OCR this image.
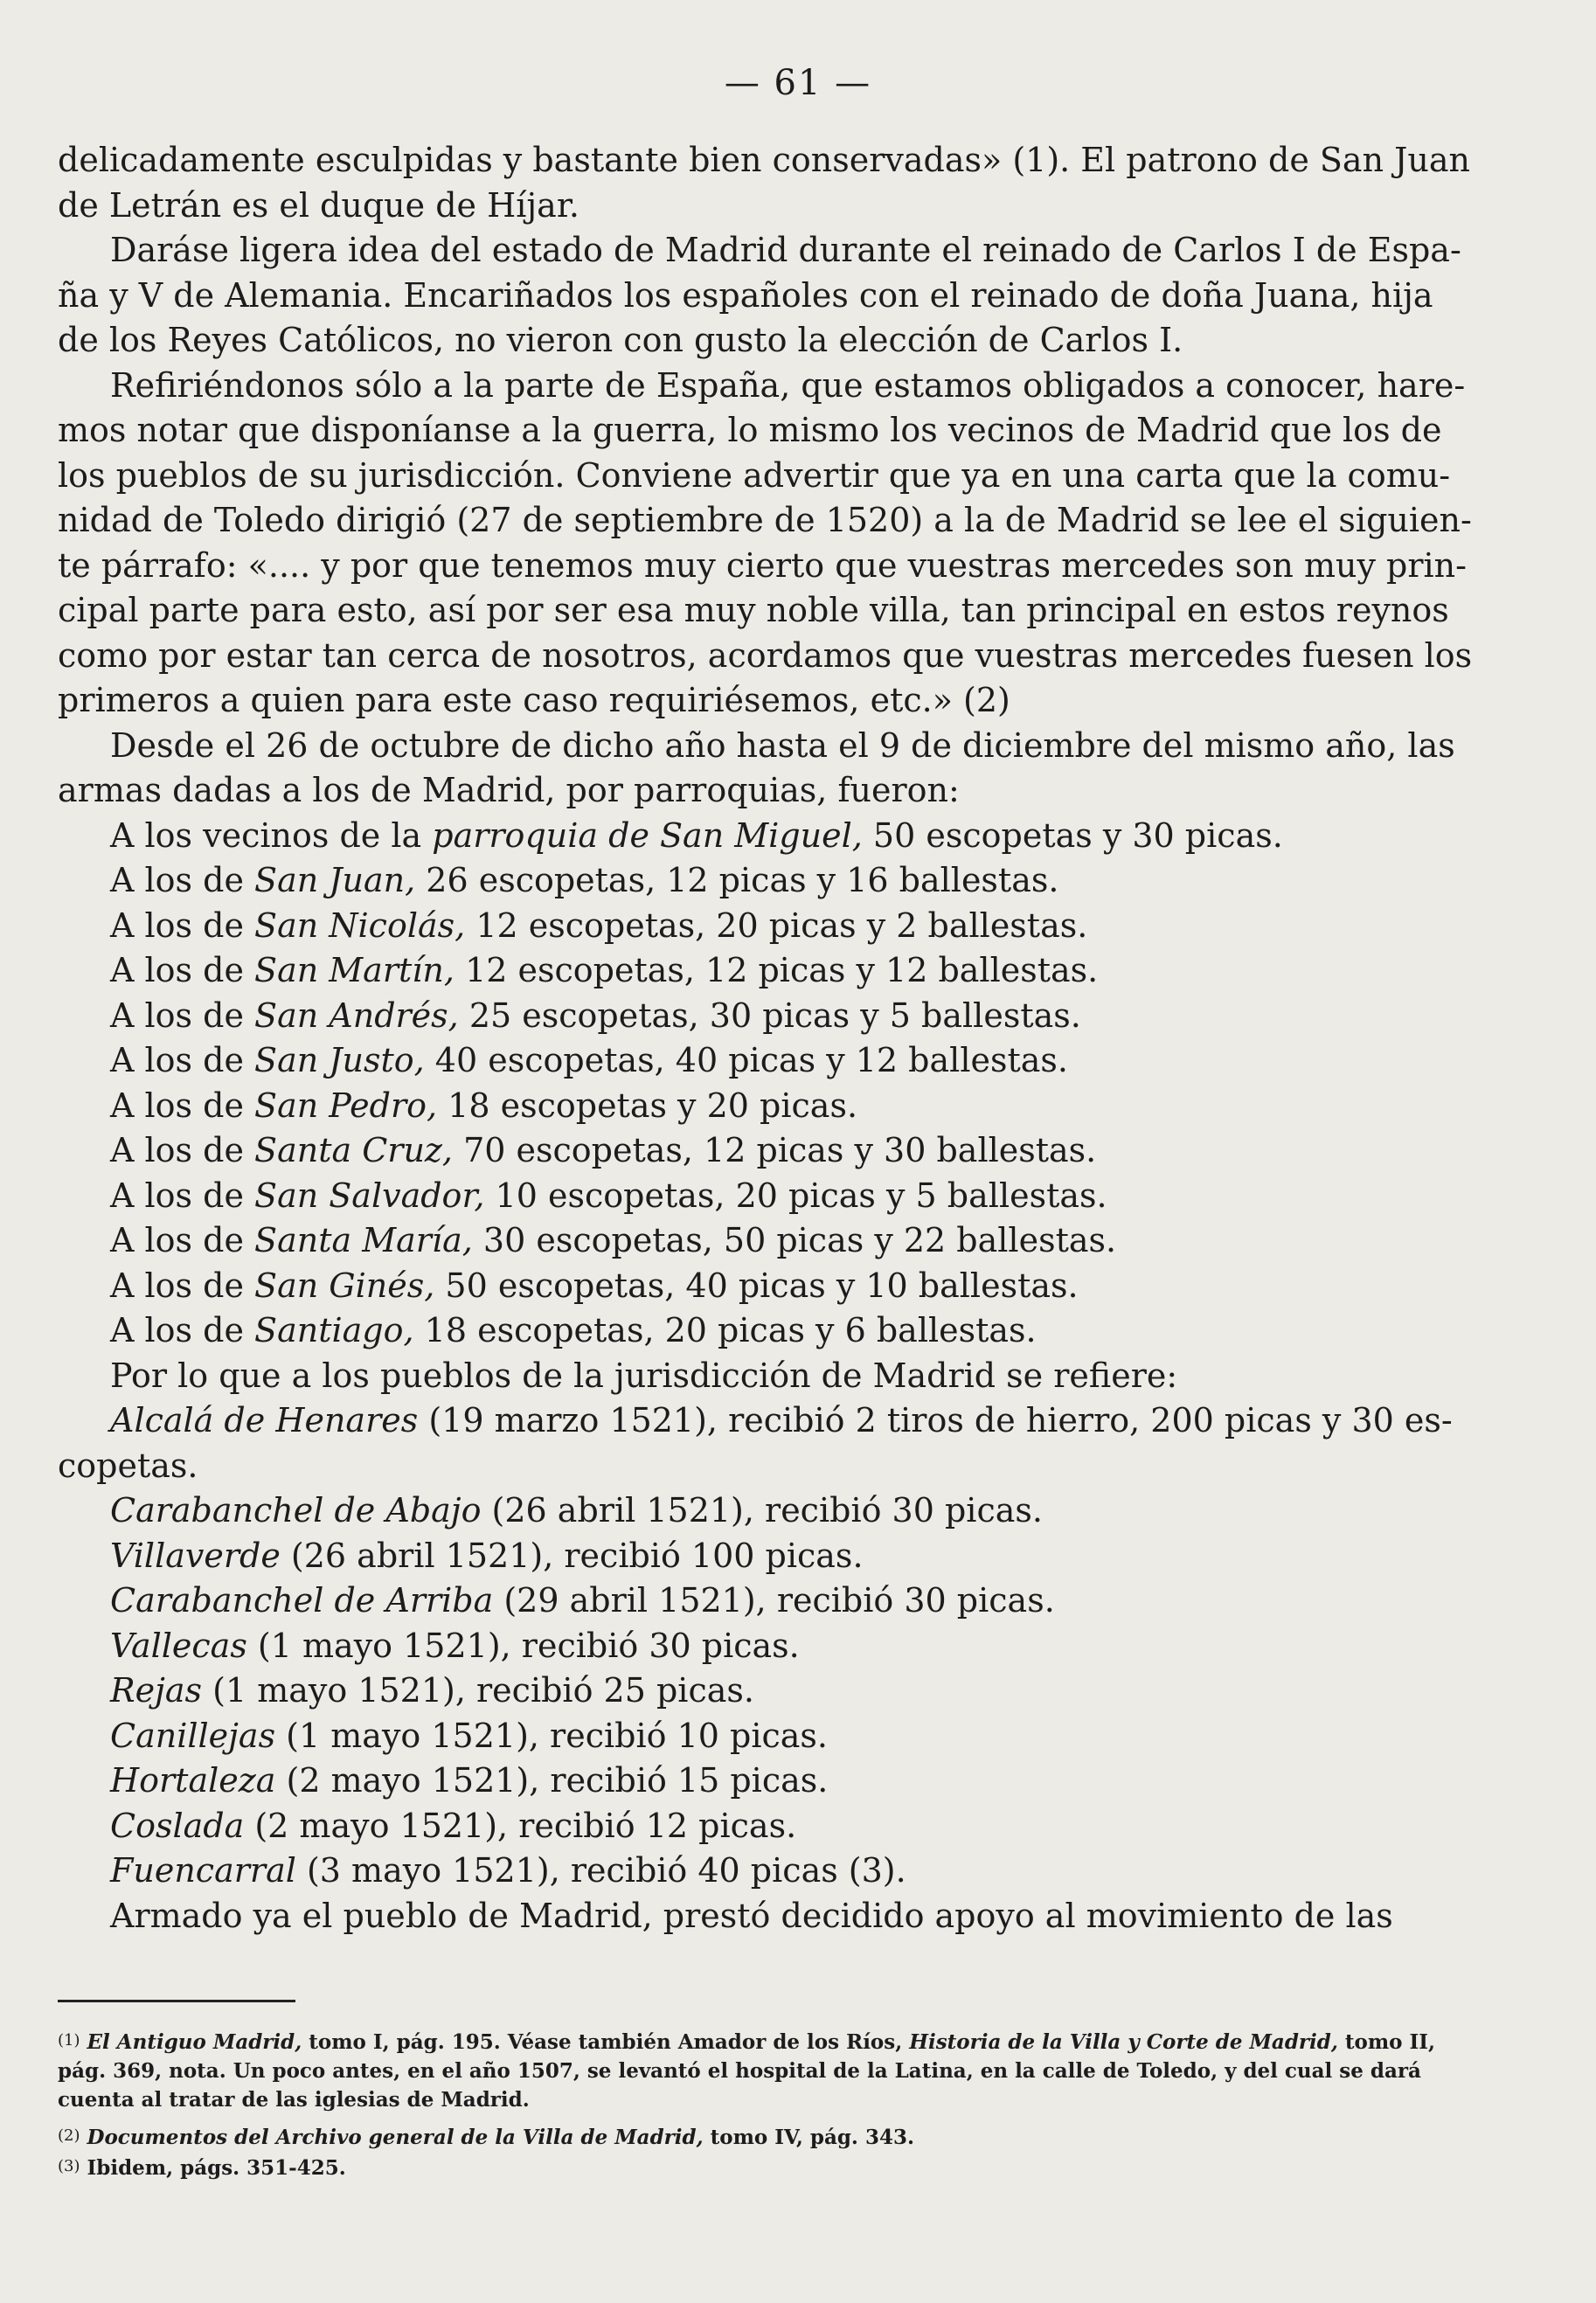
— 61 —
delicadamente esculpidas y bastante bien conservadas» (1). El patrono de San Juan
de Letrán es el duque de Híjar.
Daráse ligera idea del estado de Madrid durante el reinado de Carlos I de Espa-
ña y V de Alemania. Encariñados los españoles con el reinado de doña Juana, hija
de los Reyes Católicos, no vieron con gusto la elección de Carlos I.
Refiriéndonos sólo a la parte de España, que estamos obligados a conocer, hare-
mos notar que disponíanse a la guerra, lo mismo los vecinos de Madrid que los de
los pueblos de su jurisdicción. Conviene advertir que ya en una carta que la comu-
nidad de Toledo dirigió (27 de septiembre de 1520) a la de Madrid se lee el siguien-
te párrafo: «.... y por que tenemos muy cierto que vuestras mercedes son muy prin-
cipal parte para esto, así por ser esa muy noble villa, tan principal en estos reynos
como por estar tan cerca de nosotros, acordamos que vuestras mercedes fuesen los
primeros a quien para este caso requiriésemos, etc.» (2)
Desde el 26 de octubre de dicho año hasta el 9 de diciembre del mismo año, las
armas dadas a los de Madrid, por parroquias, fueron:
A los vecinos de la parroquia de San Miguel, 50 escopetas y 30 picas.
A los de San Juan, 26 escopetas, 12 picas y 16 ballestas.
A los de San Nicolás, 12 escopetas, 20 picas y 2 ballestas.
A los de San Martín, 12 escopetas, 12 picas y 12 ballestas.
A los de San Andrés, 25 escopetas, 30 picas y 5 ballestas.
A los de San Justo, 40 escopetas, 40 picas y 12 ballestas.
A los de San Pedro, 18 escopetas y 20 picas.
A los de Santa Cruz, 70 escopetas, 12 picas y 30 ballestas.
A los de San Salvador, 10 escopetas, 20 picas y 5 ballestas.
A los de Santa María, 30 escopetas, 50 picas y 22 ballestas.
A los de San Ginés, 50 escopetas, 40 picas y 10 ballestas.
A los de Santiago, 18 escopetas, 20 picas y 6 ballestas.
Por lo que a los pueblos de la jurisdicción de Madrid se refiere:
Alcalá de Henares (19 marzo 1521), recibió 2 tiros de hierro, 200 picas y 30 es-
copetas.
Carabanchel de Abajo (26 abril 1521), recibió 30 picas.
Villaverde (26 abril 1521), recibió 100 picas.
Carabanchel de Arriba (29 abril 1521), recibió 30 picas.
Vallecas (1 mayo 1521), recibió 30 picas.
Rejas (1 mayo 1521), recibió 25 picas.
Canillejas (1 mayo 1521), recibió 10 picas.
Hortaleza (2 mayo 1521), recibió 15 picas.
Coslada (2 mayo 1521), recibió 12 picas.
Fuencarral (3 mayo 1521), recibió 40 picas (3).
Armado ya el pueblo de Madrid, prestó decidido apoyo al movimiento de las
(1) El Antiguo Madrid, tomo I, pág. 195. Véase también Amador de los Ríos, Historia de la Villa y Corte de Madrid, tomo II,
pág. 369, nota. Un poco antes, en el año 1507, se levantó el hospital de la Latina, en la calle de Toledo, y del cual se dará
cuenta al tratar de las iglesias de Madrid.
(2) Documentos del Archivo general de la Villa de Madrid, tomo IV, pág. 343.
(3) Ibidem, págs. 351-425.
